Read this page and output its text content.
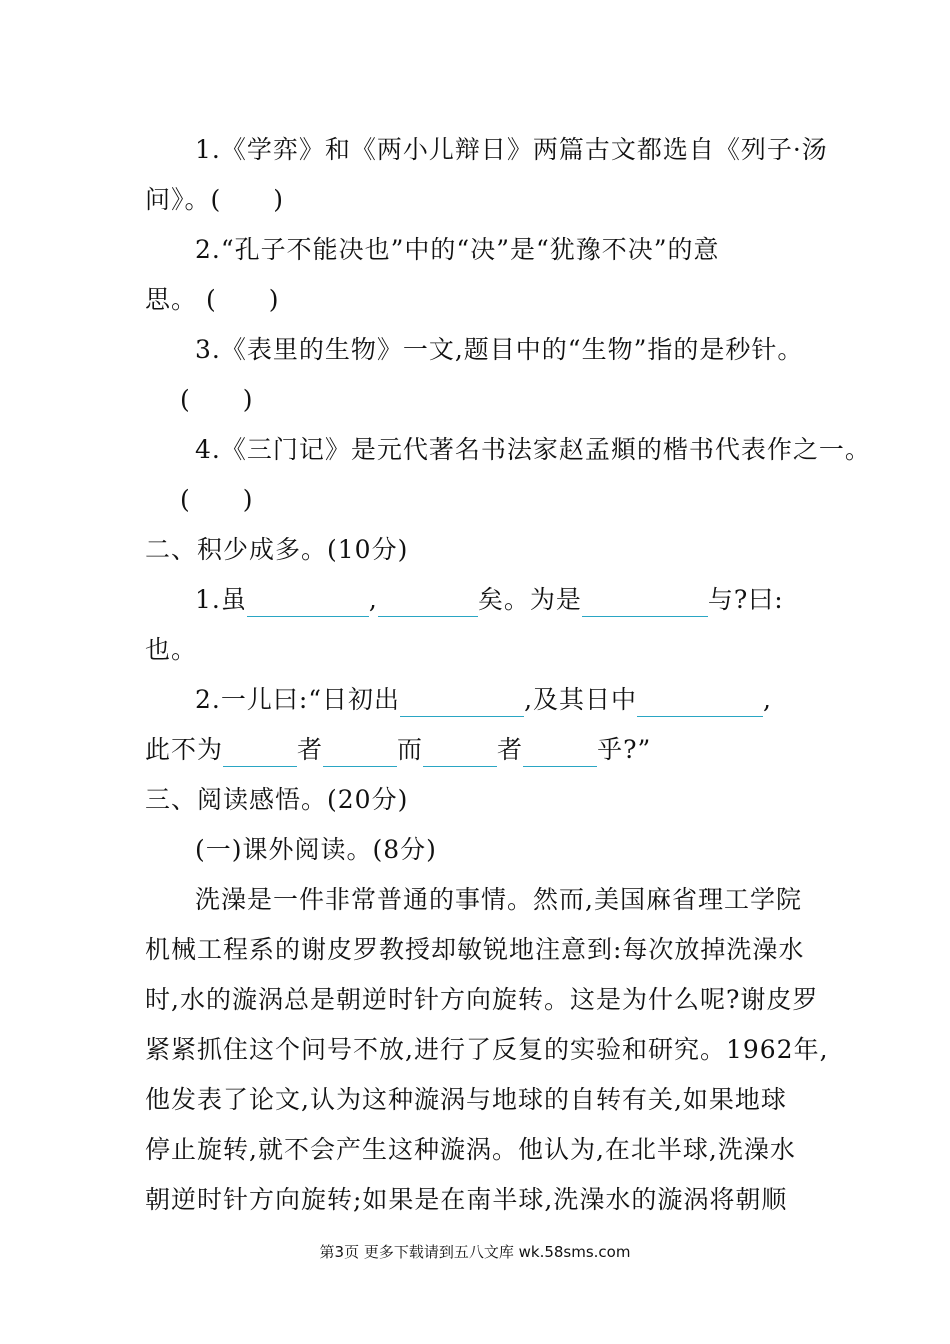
1.《学弈》和《两小儿辩日》两篇古文都选自《列子·汤
问》。(　　)
2.“孔子不能决也”中的“决”是“犹豫不决”的意
思。 (　　)
3.《表里的生物》一文,题目中的“生物”指的是秒针。
(　　)
4.《三门记》是元代著名书法家赵孟頫的楷书代表作之一。
(　　)
二、积少成多。(10分)
1.虽	,	矣。为是	与?曰:
也。
2.一儿曰:“日初出	,及其日中	,
此不为	者	而	者	乎?”
三、阅读感悟。(20分)
(一)课外阅读。(8分)
洗澡是一件非常普通的事情。然而,美国麻省理工学院
机械工程系的谢皮罗教授却敏锐地注意到:每次放掉洗澡水
时,水的漩涡总是朝逆时针方向旋转。这是为什么呢?谢皮罗
紧紧抓住这个问号不放,进行了反复的实验和研究。1962年,
他发表了论文,认为这种漩涡与地球的自转有关,如果地球
停止旋转,就不会产生这种漩涡。他认为,在北半球,洗澡水
朝逆时针方向旋转;如果是在南半球,洗澡水的漩涡将朝顺
第3页 更多下载请到五八文库 wk.58sms.com
